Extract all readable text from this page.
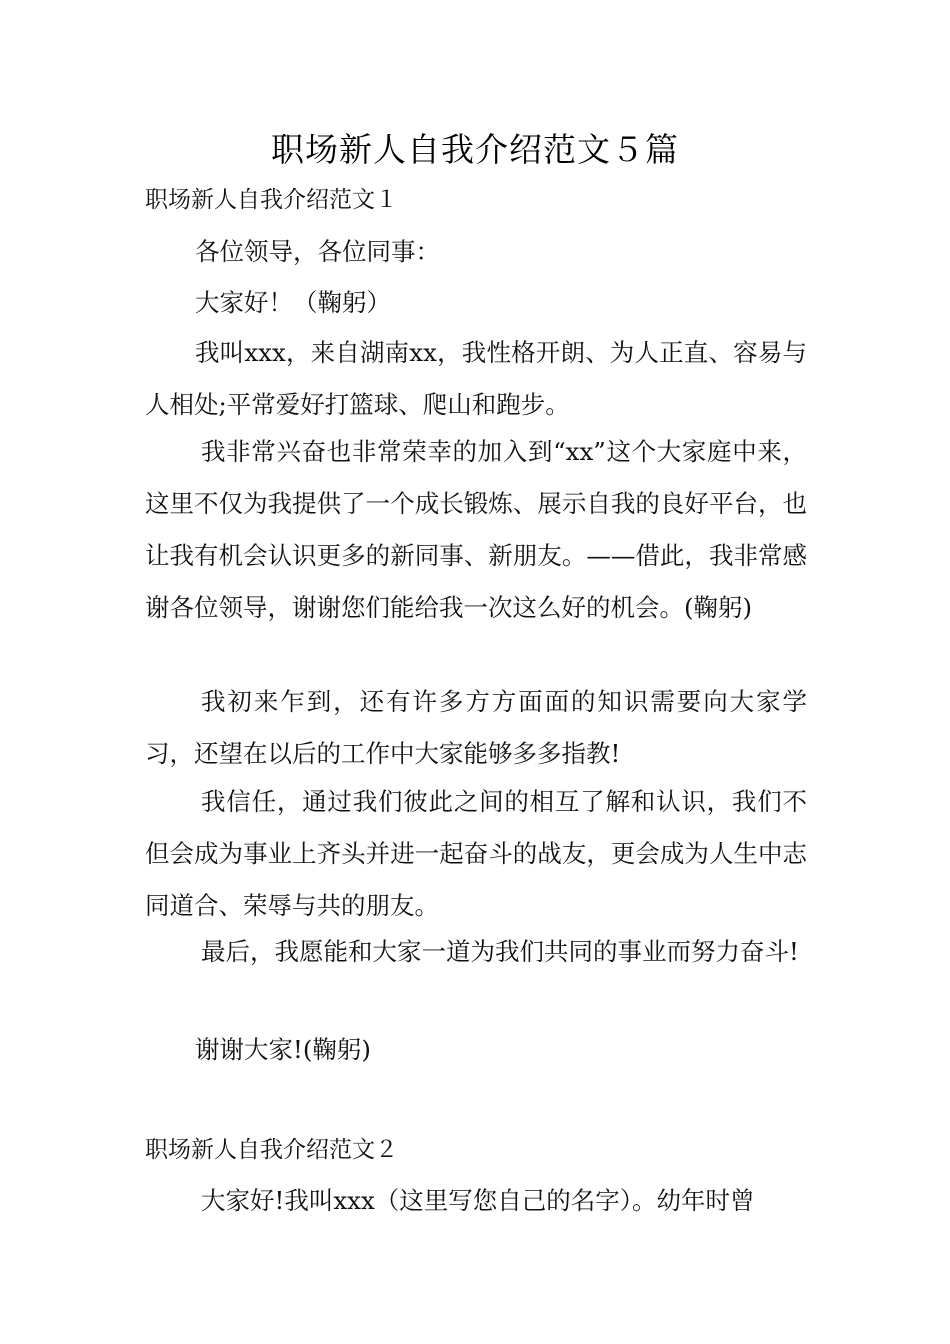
职场新人自我介绍范文５篇

职场新人自我介绍范文１

各位领导，各位同事：

大家好！（鞠躬）

我叫xxx，来自湖南xx，我性格开朗、为人正直、容易与人相处;平常爱好打篮球、爬山和跑步。

我非常兴奋也非常荣幸的加入到“xx”这个大家庭中来，这里不仅为我提供了一个成长锻炼、展示自我的良好平台，也让我有机会认识更多的新同事、新朋友。——借此，我非常感谢各位领导，谢谢您们能给我一次这么好的机会。(鞠躬)

我初来乍到，还有许多方方面面的知识需要向大家学习，还望在以后的工作中大家能够多多指教!

我信任，通过我们彼此之间的相互了解和认识，我们不但会成为事业上齐头并进一起奋斗的战友，更会成为人生中志同道合、荣辱与共的朋友。

最后，我愿能和大家一道为我们共同的事业而努力奋斗!

谢谢大家!(鞠躬)

职场新人自我介绍范文２

大家好!我叫xxx（这里写您自己的名字）。幼年时曾
